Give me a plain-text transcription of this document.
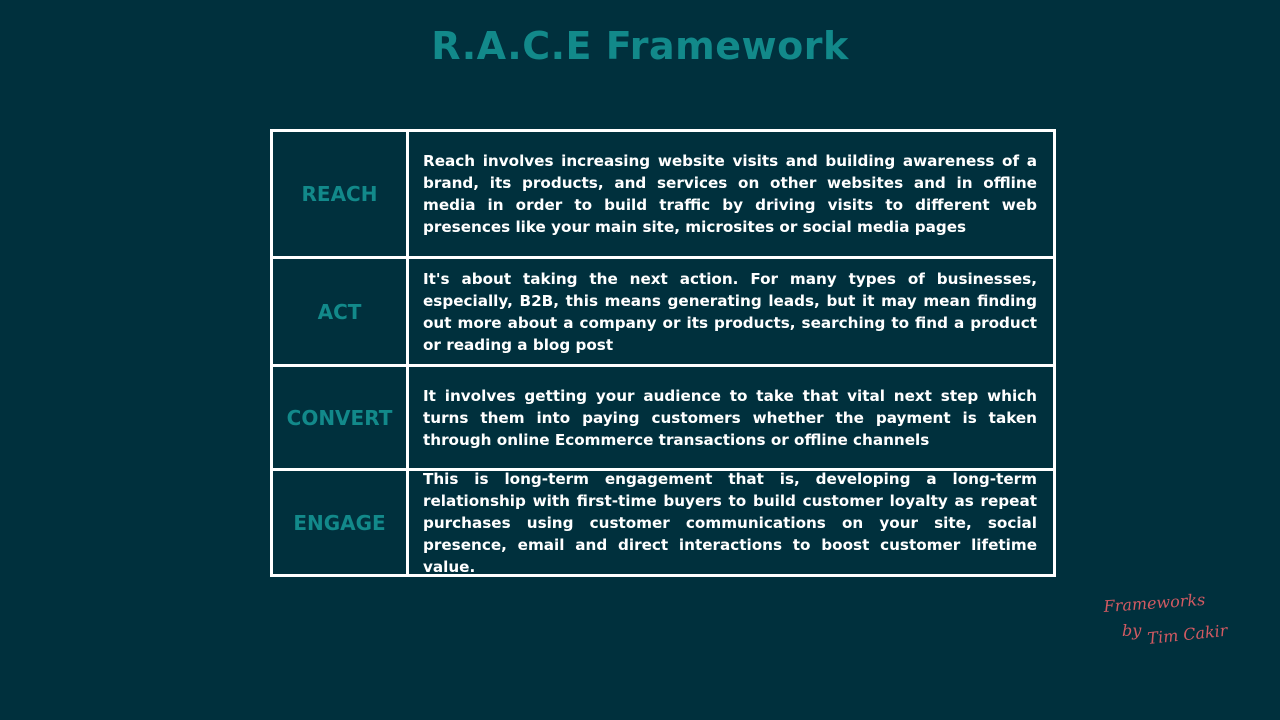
R.A.C.E Framework
REACH
Reach involves increasing website visits and building awareness of a brand, its products, and services on other websites and in offline media in order to build traffic by driving visits to different web presences like your main site, microsites or social media pages
ACT
It's about taking the next action. For many types of businesses, especially, B2B, this means generating leads, but it may mean finding out more about a company or its products, searching to find a product or reading a blog post
CONVERT
It involves getting your audience to take that vital next step which turns them into paying customers whether the payment is taken through online Ecommerce transactions or offline channels
ENGAGE
This is long-term engagement that is, developing a long-term relationship with first-time buyers to build customer loyalty as repeat purchases using customer communications on your site, social presence, email and direct interactions to boost customer lifetime value.
Frameworks
by Tim Cakir
